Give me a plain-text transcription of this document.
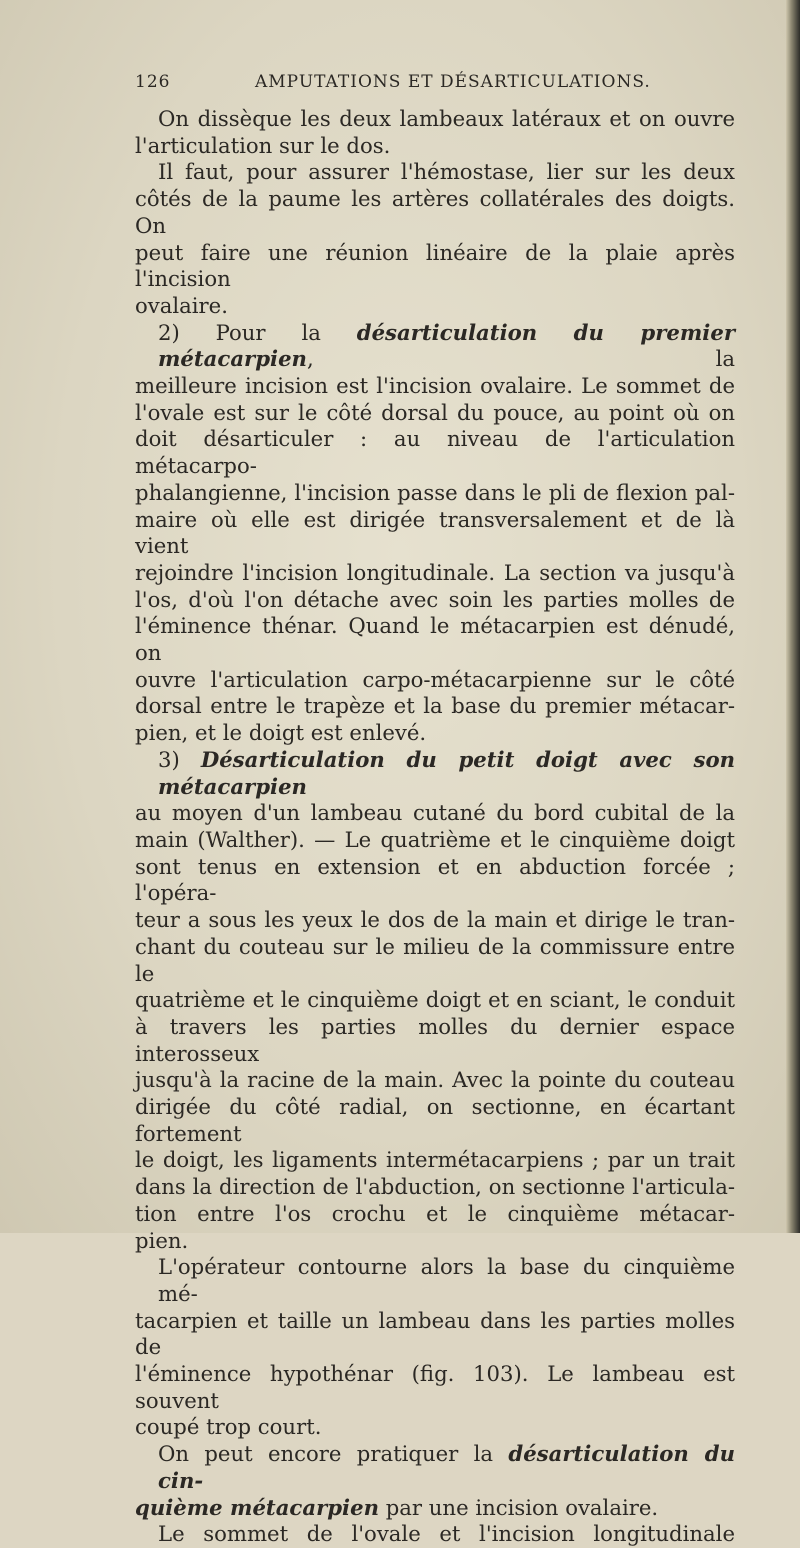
126	AMPUTATIONS ET DÉSARTICULATIONS.

On dissèque les deux lambeaux latéraux et on ouvre
l'articulation sur le dos.

Il faut, pour assurer l'hémostase, lier sur les deux
côtés de la paume les artères collatérales des doigts. On
peut faire une réunion linéaire de la plaie après l'incision
ovalaire.

2) Pour la désarticulation du premier métacarpien, la
meilleure incision est l'incision ovalaire. Le sommet de
l'ovale est sur le côté dorsal du pouce, au point où on
doit désarticuler : au niveau de l'articulation métacarpo-
phalangienne, l'incision passe dans le pli de flexion pal-
maire où elle est dirigée transversalement et de là vient
rejoindre l'incision longitudinale. La section va jusqu'à
l'os, d'où l'on détache avec soin les parties molles de
l'éminence thénar. Quand le métacarpien est dénudé, on
ouvre l'articulation carpo-métacarpienne sur le côté
dorsal entre le trapèze et la base du premier métacar-
pien, et le doigt est enlevé.

3) Désarticulation du petit doigt avec son métacarpien
au moyen d'un lambeau cutané du bord cubital de la
main (Walther). — Le quatrième et le cinquième doigt
sont tenus en extension et en abduction forcée ; l'opéra-
teur a sous les yeux le dos de la main et dirige le tran-
chant du couteau sur le milieu de la commissure entre le
quatrième et le cinquième doigt et en sciant, le conduit
à travers les parties molles du dernier espace interosseux
jusqu'à la racine de la main. Avec la pointe du couteau
dirigée du côté radial, on sectionne, en écartant fortement
le doigt, les ligaments intermétacarpiens ; par un trait
dans la direction de l'abduction, on sectionne l'articula-
tion entre l'os crochu et le cinquième métacar-
pien.

L'opérateur contourne alors la base du cinquième mé-
tacarpien et taille un lambeau dans les parties molles de
l'éminence hypothénar (fig. 103). Le lambeau est souvent
coupé trop court.

On peut encore pratiquer la désarticulation du cin-
quième métacarpien par une incision ovalaire.

Le sommet de l'ovale et l'incision longitudinale
